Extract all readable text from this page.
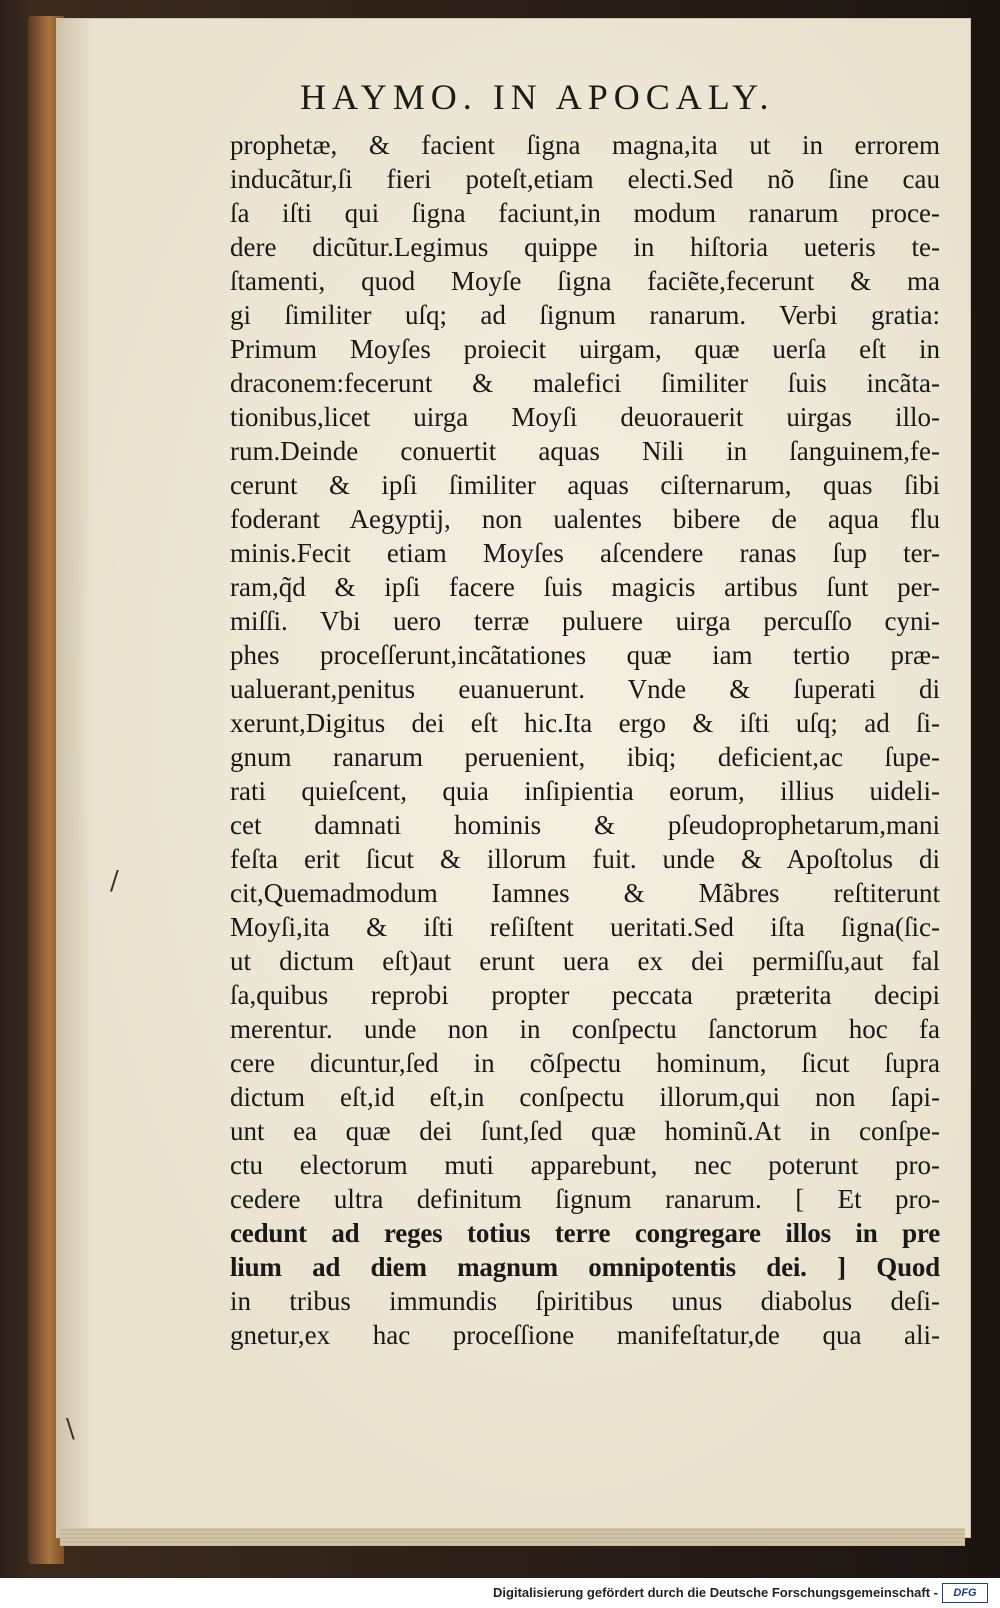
HAYMO. IN APOCALY.
prophetæ, & facient ſigna magna,ita ut in errorem
inducãtur,ſi fieri poteſt,etiam electi.Sed nõ ſine cau
ſa iſti qui ſigna faciunt,in modum ranarum proce-
dere dicũtur.Legimus quippe in hiſtoria ueteris te-
ſtamenti, quod Moyſe ſigna faciẽte,fecerunt & ma
gi ſimiliter uſq; ad ſignum ranarum. Verbi gratia:
Primum Moyſes proiecit uirgam, quæ uerſa eſt in
draconem:fecerunt & malefici ſimiliter ſuis incãta-
tionibus,licet uirga Moyſi deuorauerit uirgas illo-
rum.Deinde conuertit aquas Nili in ſanguinem,fe-
cerunt & ipſi ſimiliter aquas ciſternarum, quas ſibi
foderant Aegyptij, non ualentes bibere de aqua flu
minis.Fecit etiam Moyſes aſcendere ranas ſup ter-
ram,q̃d & ipſi facere ſuis magicis artibus ſunt per-
miſſi. Vbi uero terræ puluere uirga percuſſo cyni-
phes proceſſerunt,incãtationes quæ iam tertio præ-
ualuerant,penitus euanuerunt. Vnde & ſuperati di
xerunt,Digitus dei eſt hic.Ita ergo & iſti uſq; ad ſi-
gnum ranarum peruenient, ibiq; deficient,ac ſupe-
rati quieſcent, quia inſipientia eorum, illius uideli-
cet damnati hominis & pſeudoprophetarum,mani
feſta erit ſicut & illorum fuit. unde & Apoſtolus di
cit,Quemadmodum Iamnes & Mãbres reſtiterunt
Moyſi,ita & iſti reſiſtent ueritati.Sed iſta ſigna(ſic-
ut dictum eſt)aut erunt uera ex dei permiſſu,aut fal
ſa,quibus reprobi propter peccata præterita decipi
merentur. unde non in conſpectu ſanctorum hoc fa
cere dicuntur,ſed in cõſpectu hominum, ſicut ſupra
dictum eſt,id eſt,in conſpectu illorum,qui non ſapi-
unt ea quæ dei ſunt,ſed quæ hominũ.At in conſpe-
ctu electorum muti apparebunt, nec poterunt pro-
cedere ultra definitum ſignum ranarum. [ Et pro-
cedunt ad reges totius terre congregare illos in pre
lium ad diem magnum omnipotentis dei. ] Quod
in tribus immundis ſpiritibus unus diabolus deſi-
gnetur,ex hac proceſſione manifeſtatur,de qua ali-
/
\
Digitalisierung gefördert durch die Deutsche Forschungsgemeinschaft -	DFG
